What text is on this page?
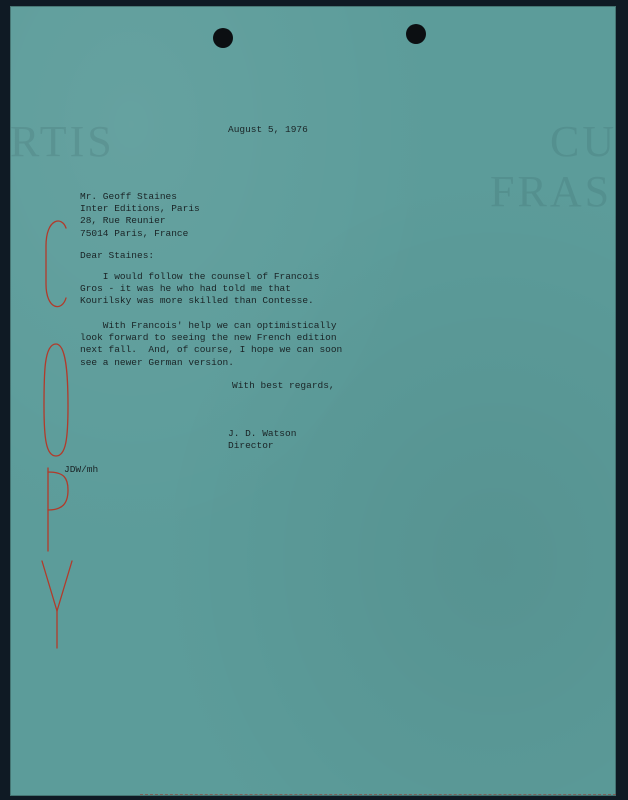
RTIS	CU
FRAS
August 5, 1976
Mr. Geoff Staines
Inter Editions, Paris
28, Rue Reunier
75014 Paris, France
Dear Staines:
I would follow the counsel of Francois
Gros - it was he who had told me that
Kourilsky was more skilled than Contesse.
With Francois' help we can optimistically
look forward to seeing the new French edition
next fall.  And, of course, I hope we can soon
see a newer German version.
With best regards,
J. D. Watson
Director
JDW/mh
